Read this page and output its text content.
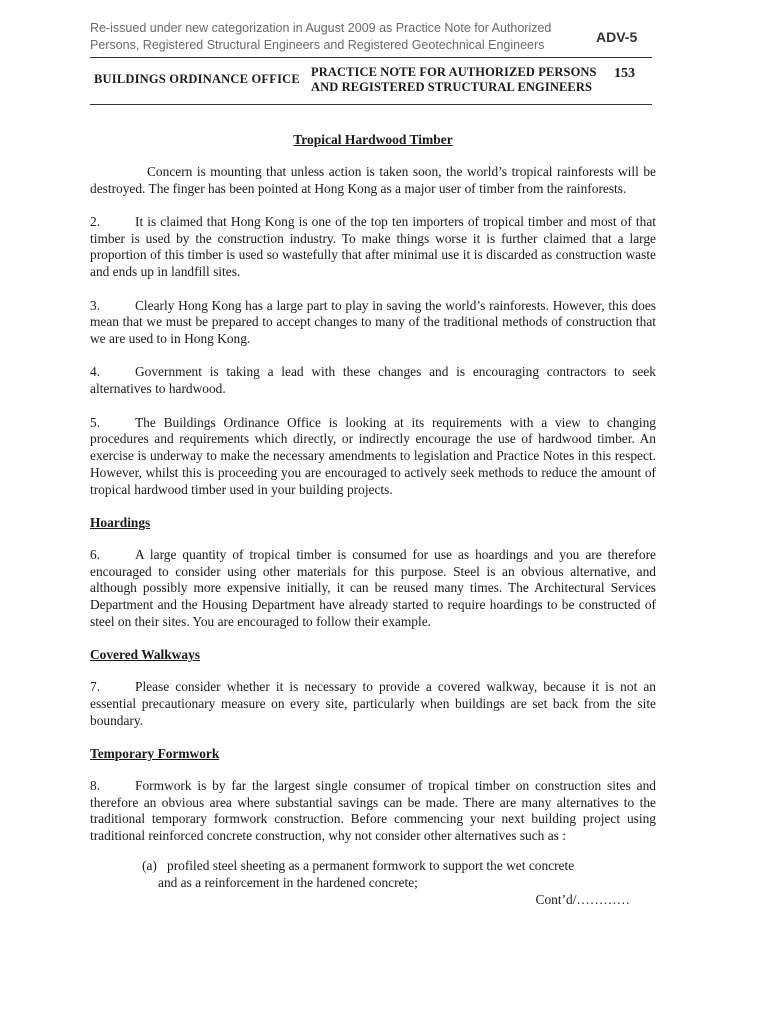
Re-issued under new categorization in August 2009 as Practice Note for Authorized Persons, Registered Structural Engineers and Registered Geotechnical Engineers	ADV-5
BUILDINGS ORDINANCE OFFICE PRACTICE NOTE FOR AUTHORIZED PERSONS
AND REGISTERED STRUCTURAL ENGINEERS
153
Tropical Hardwood Timber
Concern is mounting that unless action is taken soon, the world’s tropical rainforests will be destroyed. The finger has been pointed at Hong Kong as a major user of timber from the rainforests.
2.	It is claimed that Hong Kong is one of the top ten importers of tropical timber and most of that timber is used by the construction industry. To make things worse it is further claimed that a large proportion of this timber is used so wastefully that after minimal use it is discarded as construction waste and ends up in landfill sites.
3.	Clearly Hong Kong has a large part to play in saving the world’s rainforests. However, this does mean that we must be prepared to accept changes to many of the traditional methods of construction that we are used to in Hong Kong.
4.	Government is taking a lead with these changes and is encouraging contractors to seek alternatives to hardwood.
5.	The Buildings Ordinance Office is looking at its requirements with a view to changing procedures and requirements which directly, or indirectly encourage the use of hardwood timber. An exercise is underway to make the necessary amendments to legislation and Practice Notes in this respect. However, whilst this is proceeding you are encouraged to actively seek methods to reduce the amount of tropical hardwood timber used in your building projects.
Hoardings
6.	A large quantity of tropical timber is consumed for use as hoardings and you are therefore encouraged to consider using other materials for this purpose. Steel is an obvious alternative, and although possibly more expensive initially, it can be reused many times. The Architectural Services Department and the Housing Department have already started to require hoardings to be constructed of steel on their sites. You are encouraged to follow their example.
Covered Walkways
7.	Please consider whether it is necessary to provide a covered walkway, because it is not an essential precautionary measure on every site, particularly when buildings are set back from the site boundary.
Temporary Formwork
8.	Formwork is by far the largest single consumer of tropical timber on construction sites and therefore an obvious area where substantial savings can be made. There are many alternatives to the traditional temporary formwork construction. Before commencing your next building project using traditional reinforced concrete construction, why not consider other alternatives such as :
(a) profiled steel sheeting as a permanent formwork to support the wet concrete
and as a reinforcement in the hardened concrete;
Cont’d/…………
